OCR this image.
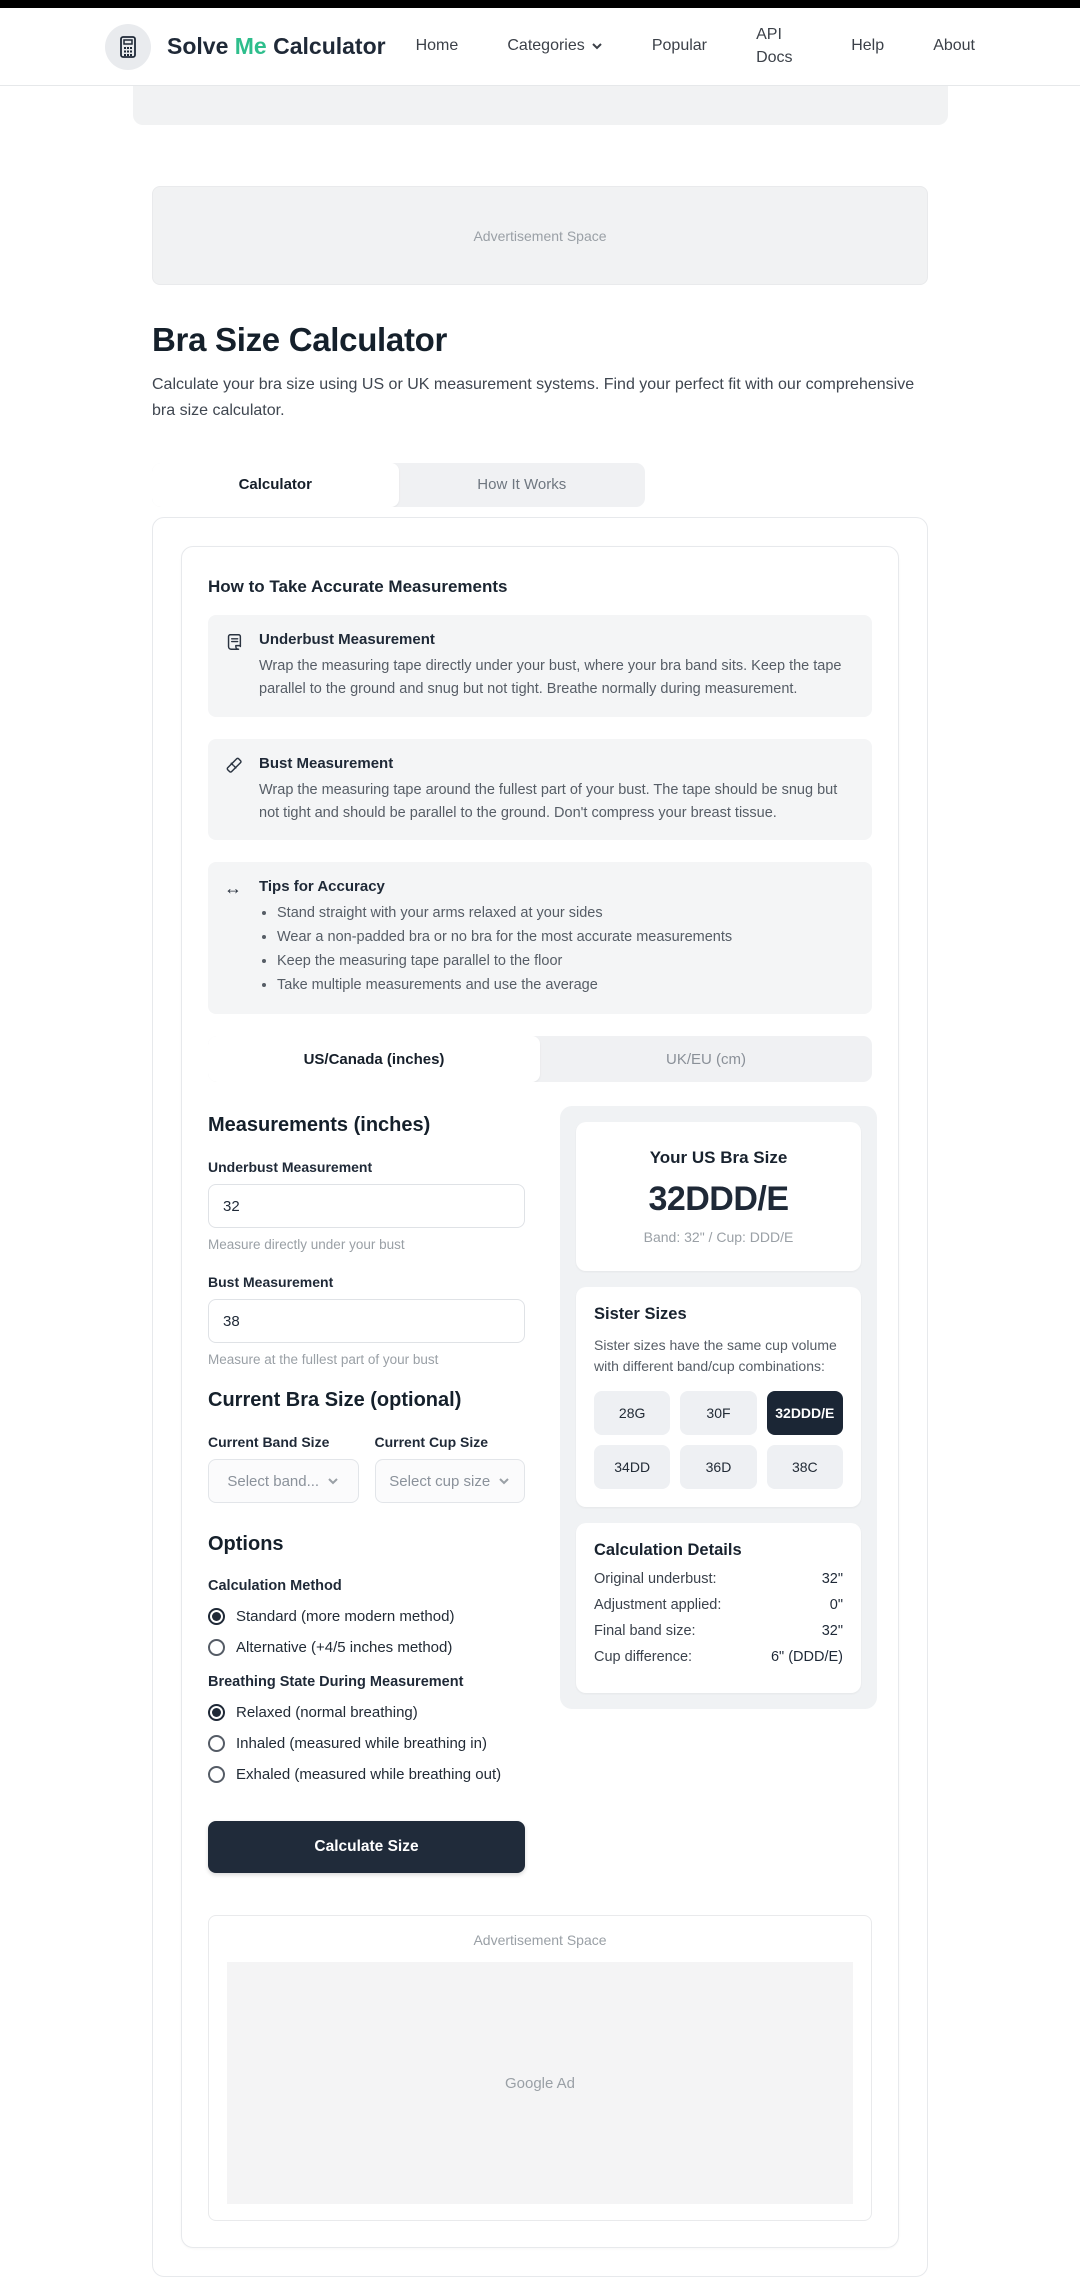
Solve Me Calculator Home	Categories	Popular
API Docs
Help	About
Advertisement Space
Bra Size Calculator

Calculate your bra size using US or UK measurement systems. Find your perfect fit with our comprehensive bra size calculator.

Calculator	How It Works
How to Take Accurate Measurements
Underbust Measurement
Wrap the measuring tape directly under your bust, where your bra band sits. Keep the tape parallel to the ground and snug but not tight. Breathe normally during measurement.
Bust Measurement
Wrap the measuring tape around the fullest part of your bust. The tape should be snug but not tight and should be parallel to the ground. Don't compress your breast tissue.
↔ Tips for Accuracy
• Stand straight with your arms relaxed at your sides
• Wear a non-padded bra or no bra for the most accurate measurements
• Keep the measuring tape parallel to the floor
• Take multiple measurements and use the average
US/Canada (inches)	UK/EU (cm)
Measurements (inches)
Underbust Measurement
32
Measure directly under your bust
Bust Measurement
38
Measure at the fullest part of your bust
Current Bra Size (optional)
Current Band Size
Select band...
Current Cup Size
Select cup size
Options
Calculation Method
Standard (more modern method)
Alternative (+4/5 inches method)
Breathing State During Measurement
Relaxed (normal breathing)
Inhaled (measured while breathing in)
Exhaled (measured while breathing out)
Calculate Size
Your US Bra Size
32DDD/E
Band: 32" / Cup: DDD/E
Sister Sizes
Sister sizes have the same cup volume with different band/cup combinations:
28G	30F	32DDD/E
34DD	36D	38C
Calculation Details
Original underbust:	32"
Adjustment applied:	0"
Final band size:	32"
Cup difference:	6" (DDD/E)
Advertisement Space
Google Ad
